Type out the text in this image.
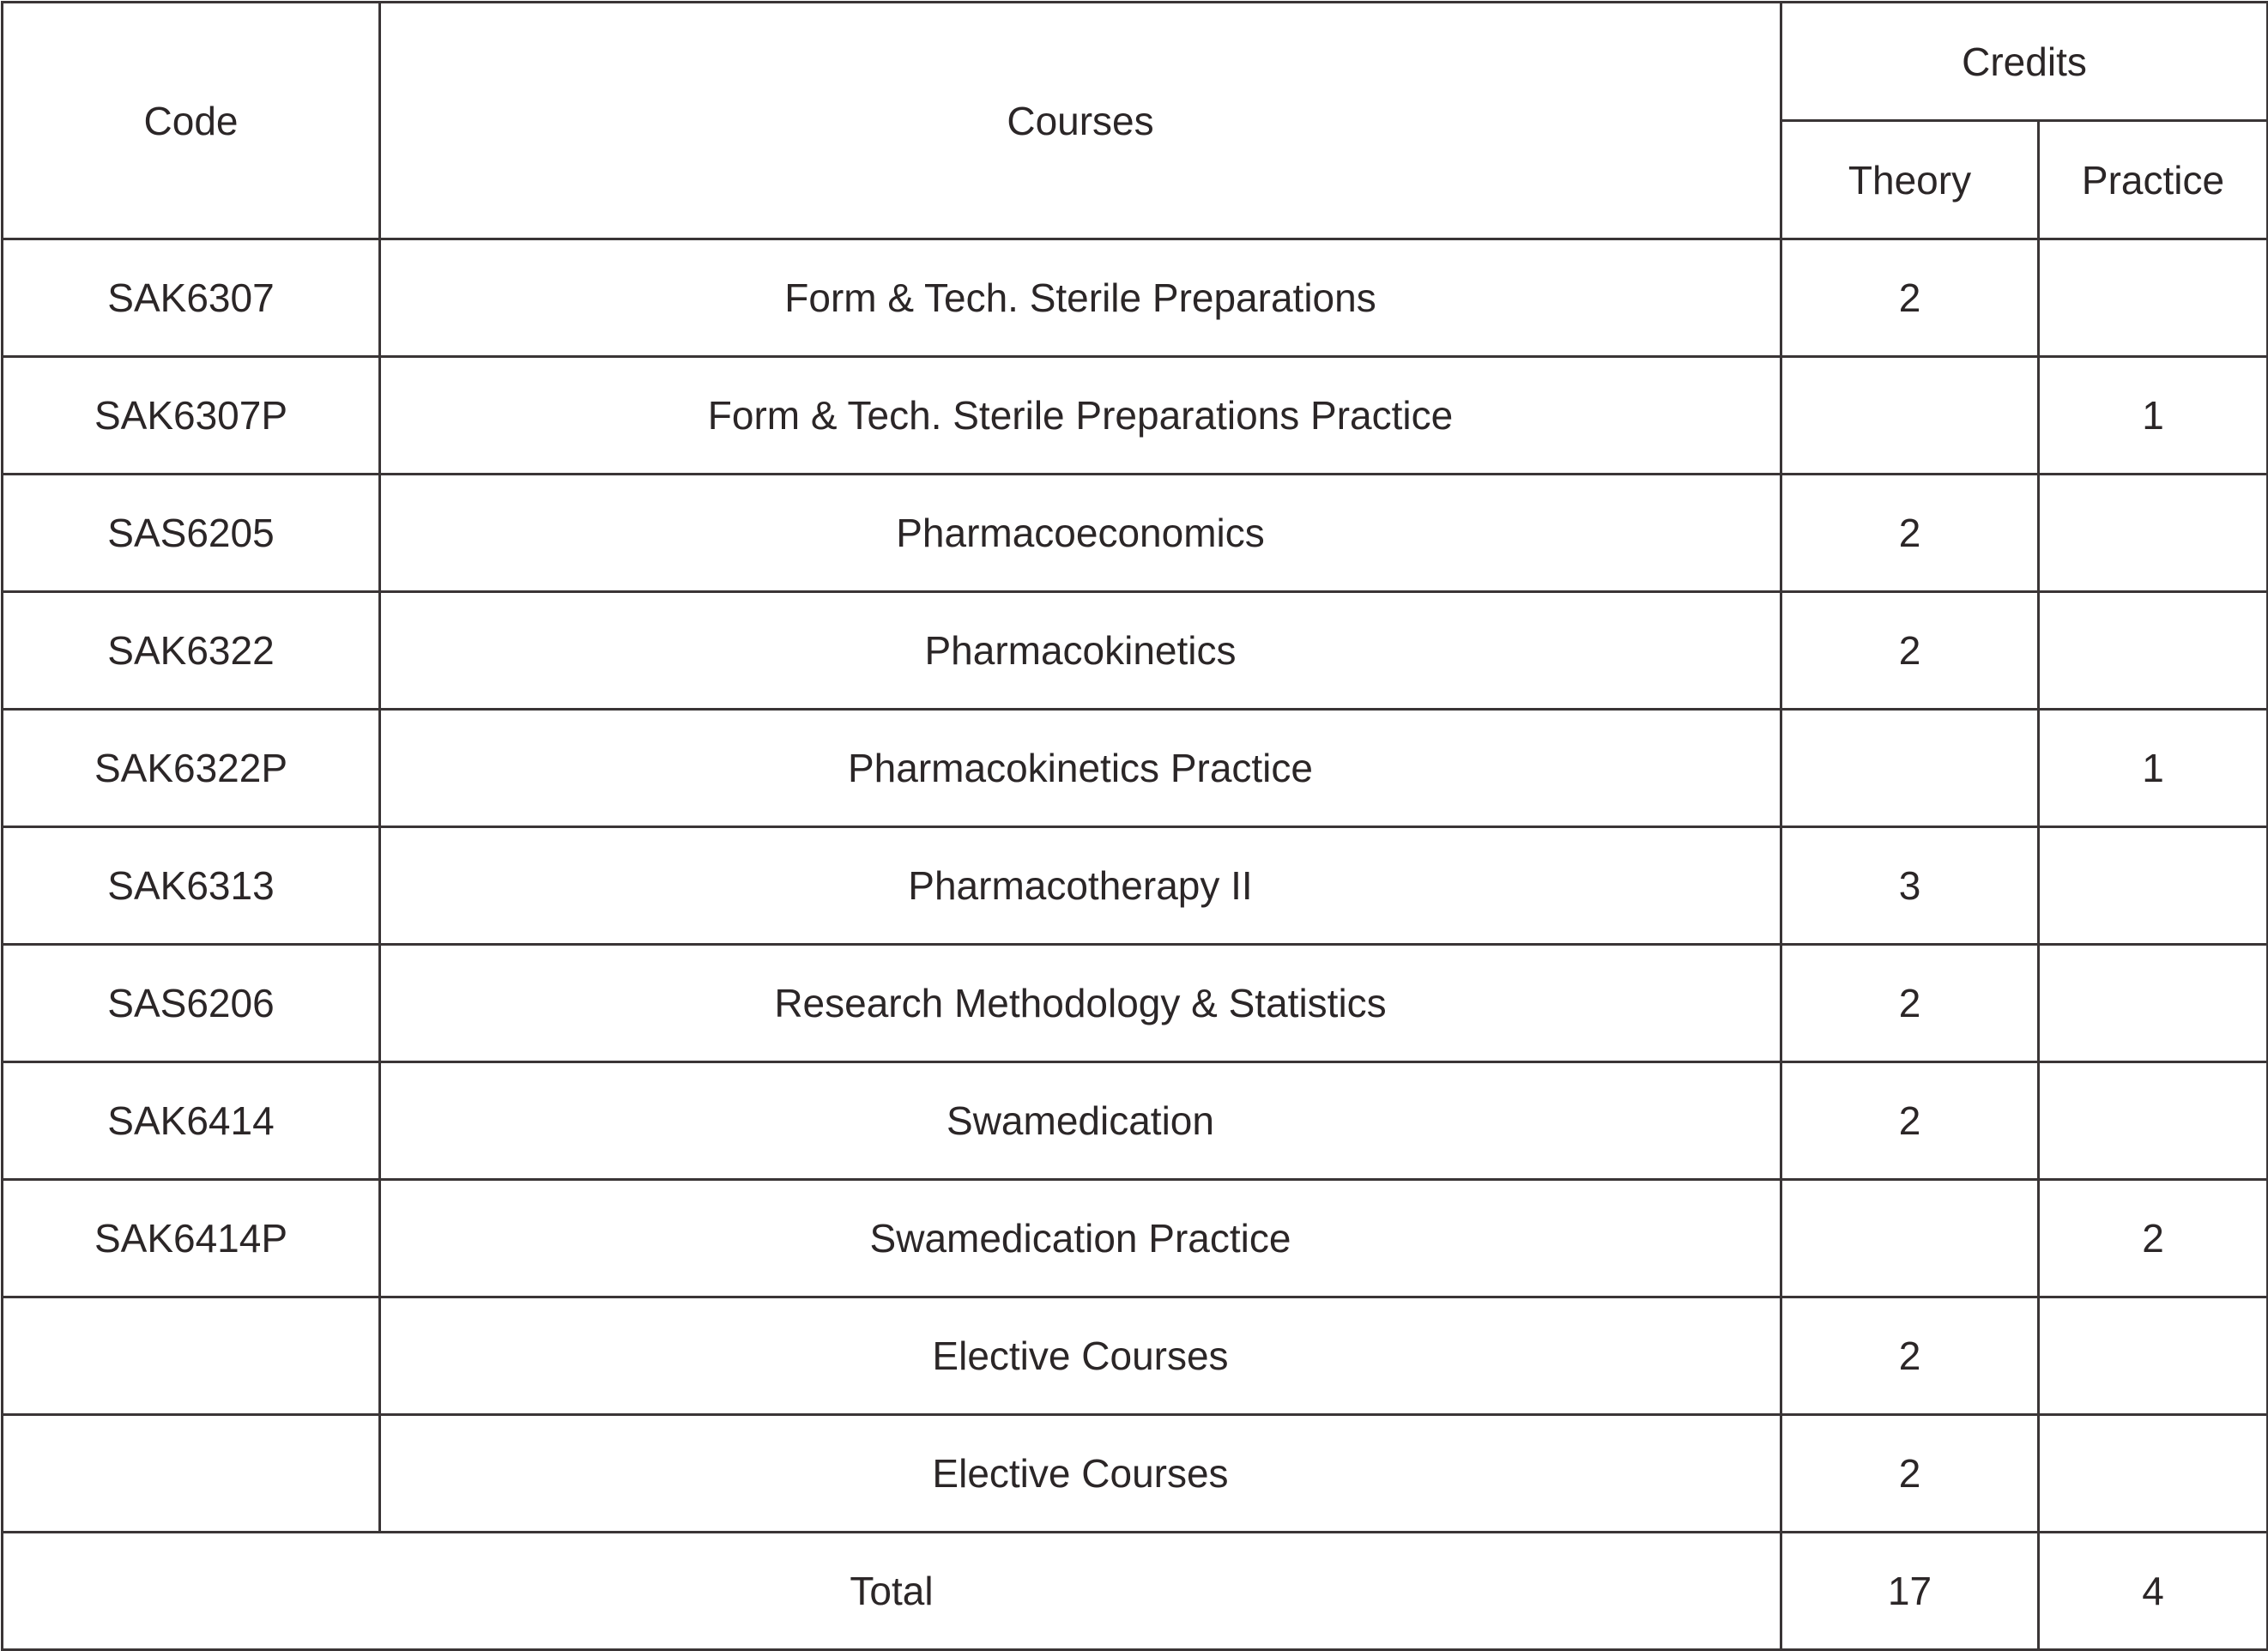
Code	Courses	Credits	
		Theory	Practice
SAK6307	Form & Tech. Sterile Preparations	2	
SAK6307P	Form & Tech. Sterile Preparations Practice		1
SAS6205	Pharmacoeconomics	2	
SAK6322	Pharmacokinetics	2	
SAK6322P	Pharmacokinetics Practice		1
SAK6313	Pharmacotherapy II	3	
SAS6206	Research Methodology & Statistics	2	
SAK6414	Swamedication	2	
SAK6414P	Swamedication Practice		2
	Elective Courses	2	
	Elective Courses	2	
Total		17	4
